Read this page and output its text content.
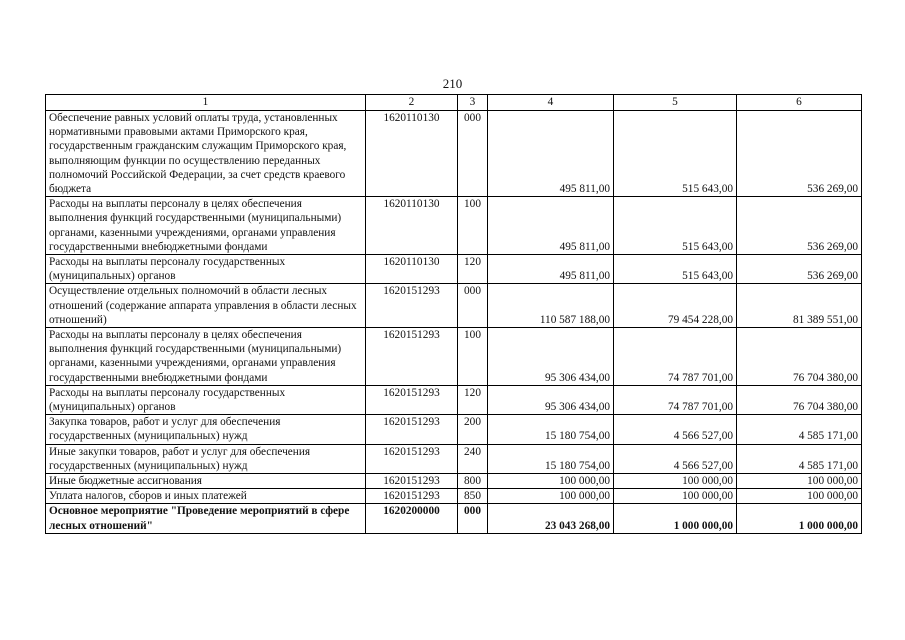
210
1	2	3	4	5	6
Обеспечение равных условий оплаты труда, установленных нормативными правовыми актами Приморского края, государственным гражданским служащим Приморского края, выполняющим функции по осуществлению переданных полномочий Российской Федерации, за счет средств краевого бюджета	1620110130	000	495 811,00	515 643,00	536 269,00
Расходы на выплаты персоналу в целях обеспечения выполнения функций государственными (муниципальными) органами, казенными учреждениями, органами управления государственными внебюджетными фондами	1620110130	100	495 811,00	515 643,00	536 269,00
Расходы на выплаты персоналу государственных (муниципальных) органов	1620110130	120	495 811,00	515 643,00	536 269,00
Осуществление отдельных полномочий в области лесных отношений (содержание аппарата управления в области лесных отношений)	1620151293	000	110 587 188,00	79 454 228,00	81 389 551,00
Расходы на выплаты персоналу в целях обеспечения выполнения функций государственными (муниципальными) органами, казенными учреждениями, органами управления государственными внебюджетными фондами	1620151293	100	95 306 434,00	74 787 701,00	76 704 380,00
Расходы на выплаты персоналу государственных (муниципальных) органов	1620151293	120	95 306 434,00	74 787 701,00	76 704 380,00
Закупка товаров, работ и услуг для обеспечения государственных (муниципальных) нужд	1620151293	200	15 180 754,00	4 566 527,00	4 585 171,00
Иные закупки товаров, работ и услуг для обеспечения государственных (муниципальных) нужд	1620151293	240	15 180 754,00	4 566 527,00	4 585 171,00
Иные бюджетные ассигнования	1620151293	800	100 000,00	100 000,00	100 000,00
Уплата налогов, сборов и иных платежей	1620151293	850	100 000,00	100 000,00	100 000,00
Основное мероприятие "Проведение мероприятий в сфере лесных отношений"	1620200000	000	23 043 268,00	1 000 000,00	1 000 000,00
